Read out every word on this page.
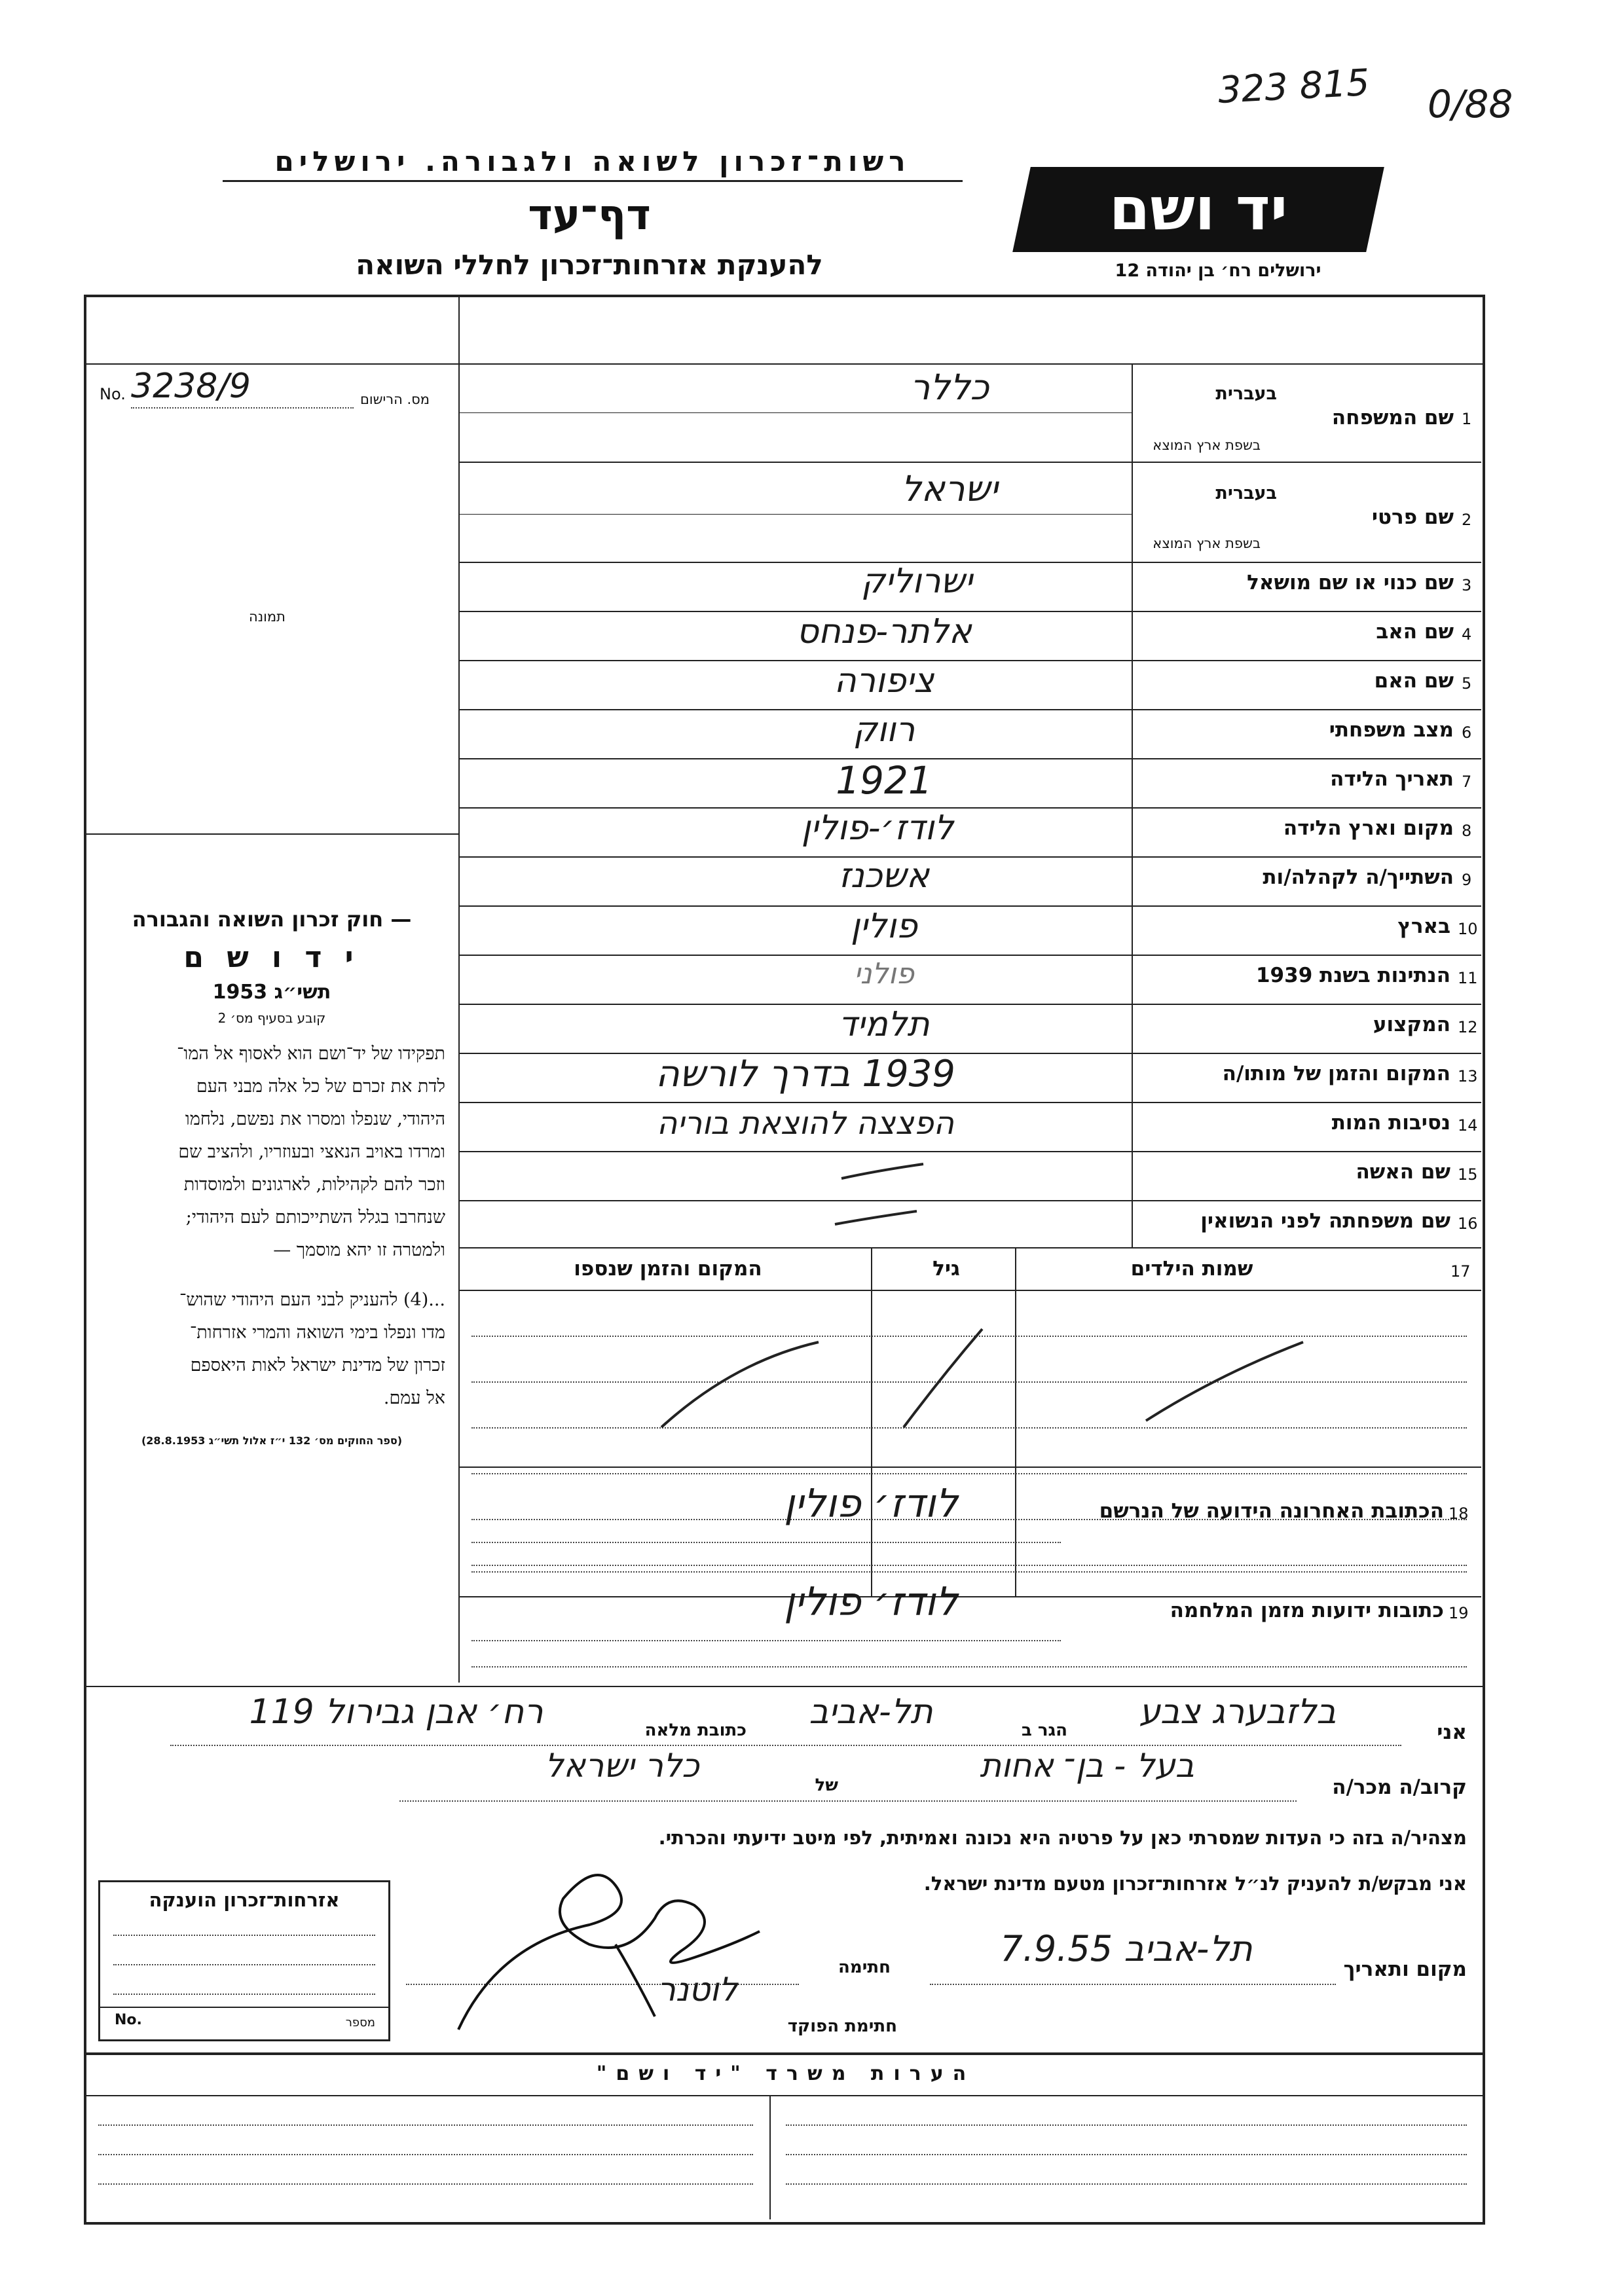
323 815 0/88
רשות־זכרון לשואה ולגבורה. ירושלים
דף־עד
להענקת אזרחות־זכרון לחללי השואה
יד ושם
ירושלים רח׳ בן יהודה 12
No. 3238/9	מס. הרישום
תמונה
— חוק זכרון השואה והגבורה
י ד ו ש ם
תשי״ג 1953
קובע בסעיף מס׳ 2
תפקידו של יד־ושם הוא לאסוף אל המו־
לדת את זכרם של כל אלה מבני העם
היהודי, שנפלו ומסרו את נפשם, נלחמו
ומרדו באויב הנאצי ובעוזריו, ולהציב שם
וזכר להם לקהילות, לארגונים ולמוסדות
שנחרבו בגלל השתייכותם לעם היהודי;
ולמטרה זו יהא מוסמך —
...(4) להעניק לבני העם היהודי שהוש־
מדו ונפלו בימי השואה והמרי אזרחות־
זכרון של מדינת ישראל לאות היאספם
אל עמם.
(ספר החוקים מס׳ 132 י״ז אלול תשי״ג 28.8.1953)
1
שם המשפחה
בעברית
בשפת ארץ המוצא
כללר
2
שם פרטי
בעברית
בשפת ארץ המוצא
ישראל
3
שם כנוי או שם מושאל
ישרוליק
4
שם האב
אלתר-פנחס
5
שם האם
ציפורה
6
מצב משפחתי
רווק
7
תאריך הלידה
1921
8
מקום וארץ הלידה
לודז׳-פולין
9
השתייך/ה לקהלה/ות
אשכנז
10
בארץ
פולין
11
הנתינות בשנת 1939
פולני
12
המקצוע
תלמיד
13
המקום והזמן של מותו/ה
1939 בדרך לורשה
14
נסיבות המות
הפצצה להוצאת בוריה
15
שם האשה
16
שם משפחתה לפני הנשואין
17
שמות הילדים
גיל
המקום והזמן שנספו
18
הכתובת האחרונה הידועה של הנרשם
לודז׳ פולין
19
כתובות ידועות מזמן המלחמה
לודז׳ פולין
אני
בלזבערג צבע
הגר ב
תל-אביב
כתובת מלאה
רח׳ אבן גבירול 119
קרוב/ה מכר/ה
בעל - בן־ אחות
של
כלר ישראל
מצהיר/ה בזה כי העדות שמסרתי כאן על פרטיה היא נכונה ואמיתית, לפי מיטב ידיעתי והכרתי.
אני מבקש/ת להעניק לנ״ל אזרחות־זכרון מטעם מדינת ישראל.
מקום ותאריך
תל-אביב 7.9.55
חתימה
חתימת הפוקד
לוטנר
אזרחות־זכרון הוענקה
No.	מספר
הערות משרד "יד ושם"
